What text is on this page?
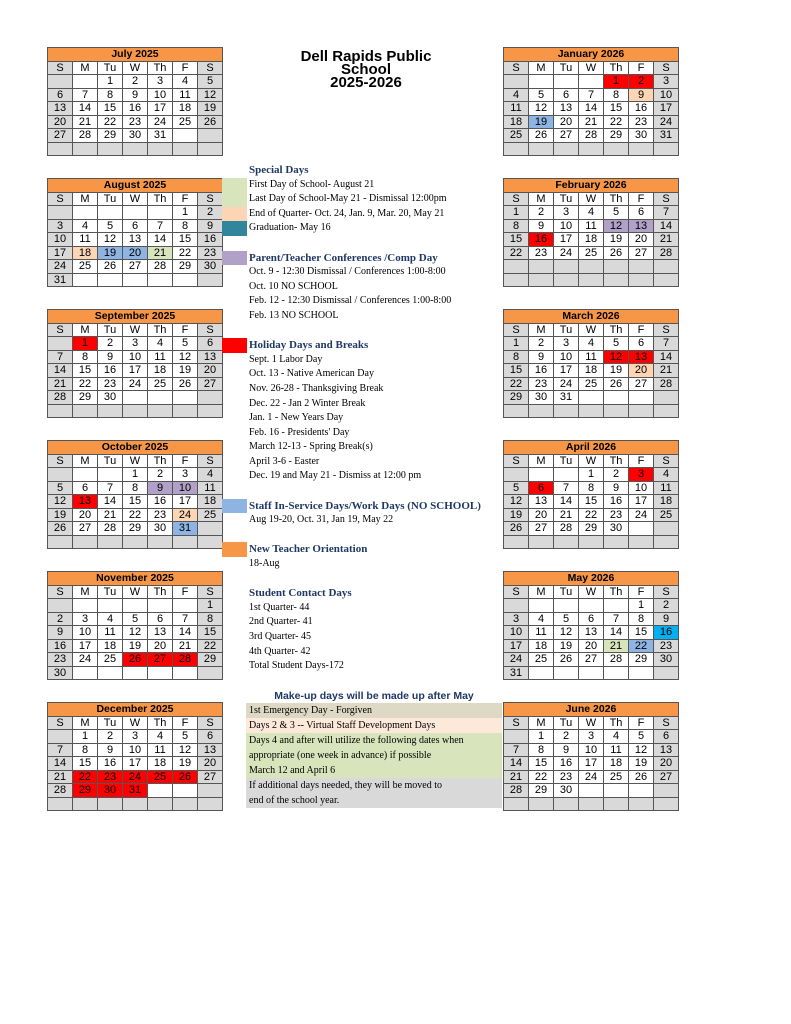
Dell Rapids Public
School
2025-2026
July 2025						
S	M	Tu	W	Th	F	S
		1	2	3	4	5
6	7	8	9	10	11	12
13	14	15	16	17	18	19
20	21	22	23	24	25	26
27	28	29	30	31		

August 2025						
S	M	Tu	W	Th	F	S
					1	2
3	4	5	6	7	8	9
10	11	12	13	14	15	16
17	18	19	20	21	22	23
24	25	26	27	28	29	30
31						
September 2025						
S	M	Tu	W	Th	F	S
	1	2	3	4	5	6
7	8	9	10	11	12	13
14	15	16	17	18	19	20
21	22	23	24	25	26	27
28	29	30				

October 2025						
S	M	Tu	W	Th	F	S
			1	2	3	4
5	6	7	8	9	10	11
12	13	14	15	16	17	18
19	20	21	22	23	24	25
26	27	28	29	30	31	

November 2025						
S	M	Tu	W	Th	F	S
						1
2	3	4	5	6	7	8
9	10	11	12	13	14	15
16	17	18	19	20	21	22
23	24	25	26	27	28	29
30						
December 2025						
S	M	Tu	W	Th	F	S
	1	2	3	4	5	6
7	8	9	10	11	12	13
14	15	16	17	18	19	20
21	22	23	24	25	26	27
28	29	30	31			

January 2026						
S	M	Tu	W	Th	F	S
				1	2	3
4	5	6	7	8	9	10
11	12	13	14	15	16	17
18	19	20	21	22	23	24
25	26	27	28	29	30	31

February 2026						
S	M	Tu	W	Th	F	S
1	2	3	4	5	6	7
8	9	10	11	12	13	14
15	16	17	18	19	20	21
22	23	24	25	26	27	28

March 2026						
S	M	Tu	W	Th	F	S
1	2	3	4	5	6	7
8	9	10	11	12	13	14
15	16	17	18	19	20	21
22	23	24	25	26	27	28
29	30	31				

April 2026						
S	M	Tu	W	Th	F	S
			1	2	3	4
5	6	7	8	9	10	11
12	13	14	15	16	17	18
19	20	21	22	23	24	25
26	27	28	29	30		

May 2026						
S	M	Tu	W	Th	F	S
					1	2
3	4	5	6	7	8	9
10	11	12	13	14	15	16
17	18	19	20	21	22	23
24	25	26	27	28	29	30
31						
June 2026						
S	M	Tu	W	Th	F	S
	1	2	3	4	5	6
7	8	9	10	11	12	13
14	15	16	17	18	19	20
21	22	23	24	25	26	27
28	29	30				

Special Days
First Day of School- August 21
Last Day of School-May 21 - Dismissal 12:00pm
End of Quarter- Oct. 24, Jan. 9, Mar. 20, May 21
Graduation- May 16
Parent/Teacher Conferences /Comp Day
Oct. 9 - 12:30 Dismissal / Conferences 1:00-8:00
Oct. 10 NO SCHOOL
Feb. 12 - 12:30 Dismissal / Conferences 1:00-8:00
Feb. 13 NO SCHOOL
Holiday Days and Breaks
Sept. 1 Labor Day
Oct. 13 - Native American Day
Nov. 26-28 - Thanksgiving Break
Dec. 22 - Jan 2 Winter Break
Jan. 1 - New Years Day
Feb. 16 - Presidents' Day
March 12-13 - Spring Break(s)
April 3-6 - Easter
Dec. 19 and May 21 - Dismiss at 12:00 pm
Staff In-Service Days/Work Days (NO SCHOOL)
Aug 19-20, Oct. 31, Jan 19, May 22
New Teacher Orientation
18-Aug
Student Contact Days
1st Quarter- 44
2nd Quarter- 41
3rd Quarter- 45
4th Quarter- 42
Total Student Days-172
Make-up days will be made up after May
1st Emergency Day - Forgiven
Days 2 & 3 -- Virtual Staff Development Days
Days 4 and after will utilize the following dates when
appropriate (one week in advance) if possible
March 12 and April 6
If additional days needed, they will be moved to
end of the school year.
